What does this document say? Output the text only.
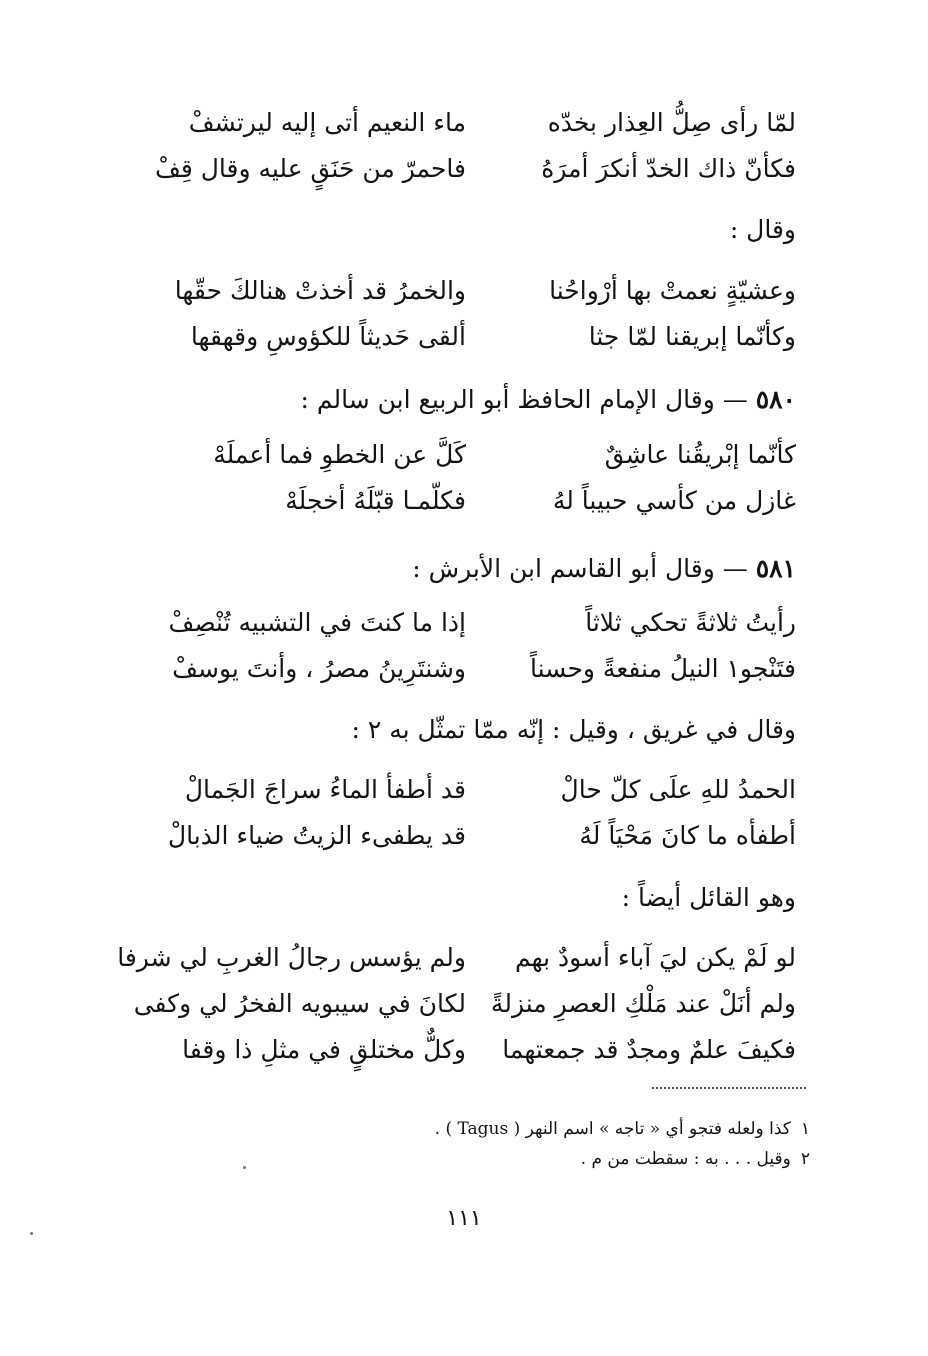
لمّا رأى صِلُّ العِذار بخدّه
ماء النعيم أتى إليه ليرتشفْ
فكأنّ ذاك الخدّ أنكرَ أمرَهُ
فاحمرّ من حَنَقٍ عليه وقال قِفْ
وقال :
وعشيّةٍ نعمتْ بها أرْواحُنا
والخمرُ قد أخذتْ هنالكَ حقّها
وكأنّما إبريقنا لمّا جثا
ألقى حَديثاً للكؤوسِ وقهقها
٥٨٠ — وقال الإمام الحافظ أبو الربيع ابن سالم :
كأنّما إبْريقُنا عاشِقٌ
كَلَّ عن الخطوِ فما أعملَهْ
غازل من كأسي حبيباً لهُ
فكلّمـا قبّلَهُ أخجلَهْ
٥٨١ — وقال أبو القاسم ابن الأبرش :
رأيتُ ثلاثةً تحكي ثلاثاً
إذا ما كنتَ في التشبيه تُنْصِفْ
فتَنْجو١ النيلُ منفعةً وحسناً
وشنتَرِينُ مصرُ ، وأنتَ يوسفْ
وقال في غريق ، وقيل : إنّه ممّا تمثّل به ٢ :
الحمدُ للهِ علَى كلّ حالْ
قد أطفأ الماءُ سراجَ الجَمالْ
أطفأه ما كانَ مَحْيَاً لَهُ
قد يطفىء الزيتُ ضياء الذبالْ
وهو القائل أيضاً :
لو لَمْ يكن ليَ آباء أسودٌ بهم
ولم يؤسس رجالُ الغربِ لي شرفا
ولم أنَلْ عند مَلْكِ العصرِ منزلةً
لكانَ في سيبويه الفخرُ لي وكفى
فكيفَ علمٌ ومجدٌ قد جمعتهما
وكلٌّ مختلقٍ في مثلِ ذا وقفا
١كذا ولعله فتجو أي « تاجه » اسم النهر ( Tagus ) .
٢وقيل . . . به : سقطت من م .
١١١
